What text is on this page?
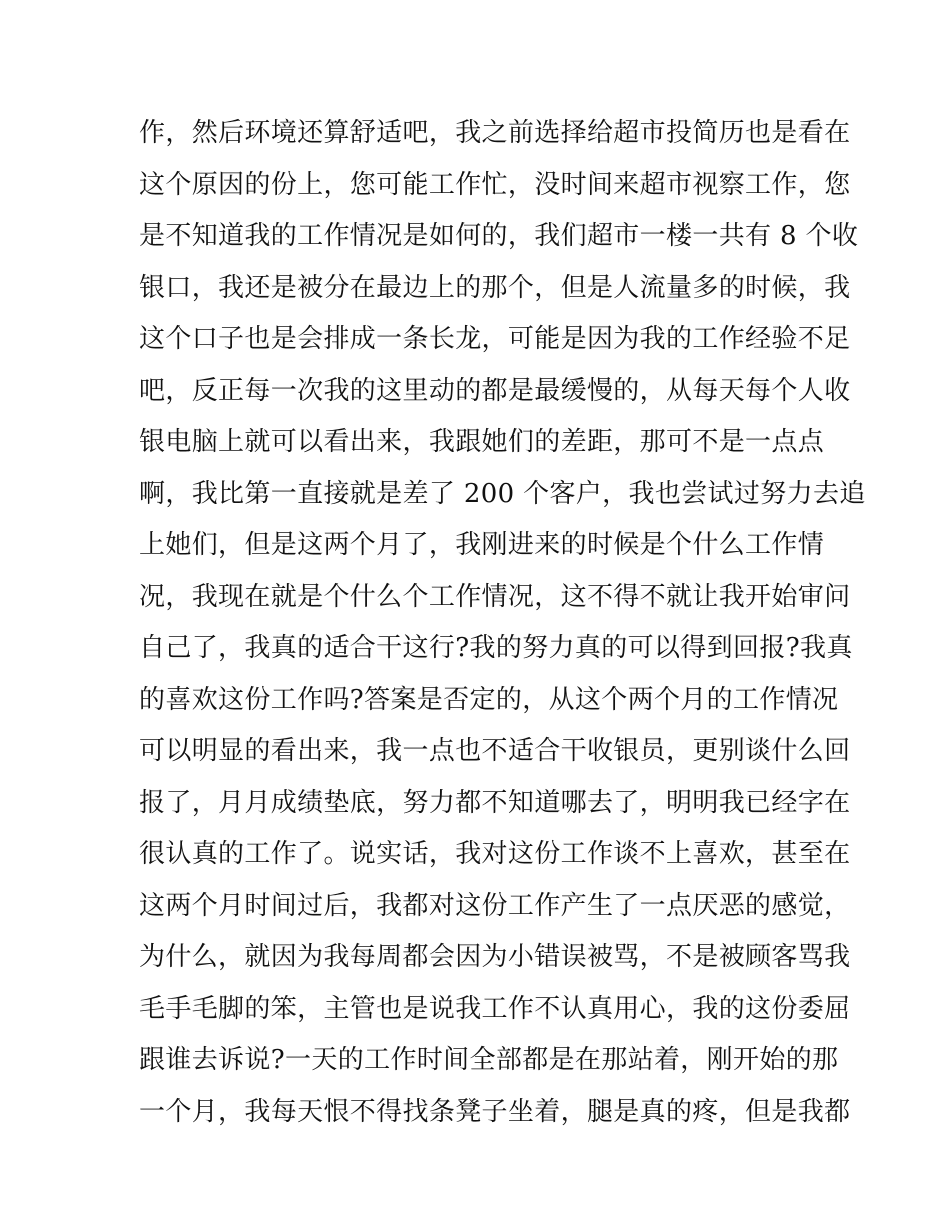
作，然后环境还算舒适吧，我之前选择给超市投简历也是看在
这个原因的份上，您可能工作忙，没时间来超市视察工作，您
是不知道我的工作情况是如何的，我们超市一楼一共有 8 个收
银口，我还是被分在最边上的那个，但是人流量多的时候，我
这个口子也是会排成一条长龙，可能是因为我的工作经验不足
吧，反正每一次我的这里动的都是最缓慢的，从每天每个人收
银电脑上就可以看出来，我跟她们的差距，那可不是一点点
啊，我比第一直接就是差了 200 个客户，我也尝试过努力去追
上她们，但是这两个月了，我刚进来的时候是个什么工作情
况，我现在就是个什么个工作情况，这不得不就让我开始审问
自己了，我真的适合干这行?我的努力真的可以得到回报?我真
的喜欢这份工作吗?答案是否定的，从这个两个月的工作情况
可以明显的看出来，我一点也不适合干收银员，更别谈什么回
报了，月月成绩垫底，努力都不知道哪去了，明明我已经字在
很认真的工作了。说实话，我对这份工作谈不上喜欢，甚至在
这两个月时间过后，我都对这份工作产生了一点厌恶的感觉，
为什么，就因为我每周都会因为小错误被骂，不是被顾客骂我
毛手毛脚的笨，主管也是说我工作不认真用心，我的这份委屈
跟谁去诉说?一天的工作时间全部都是在那站着，刚开始的那
一个月，我每天恨不得找条凳子坐着，腿是真的疼，但是我都
